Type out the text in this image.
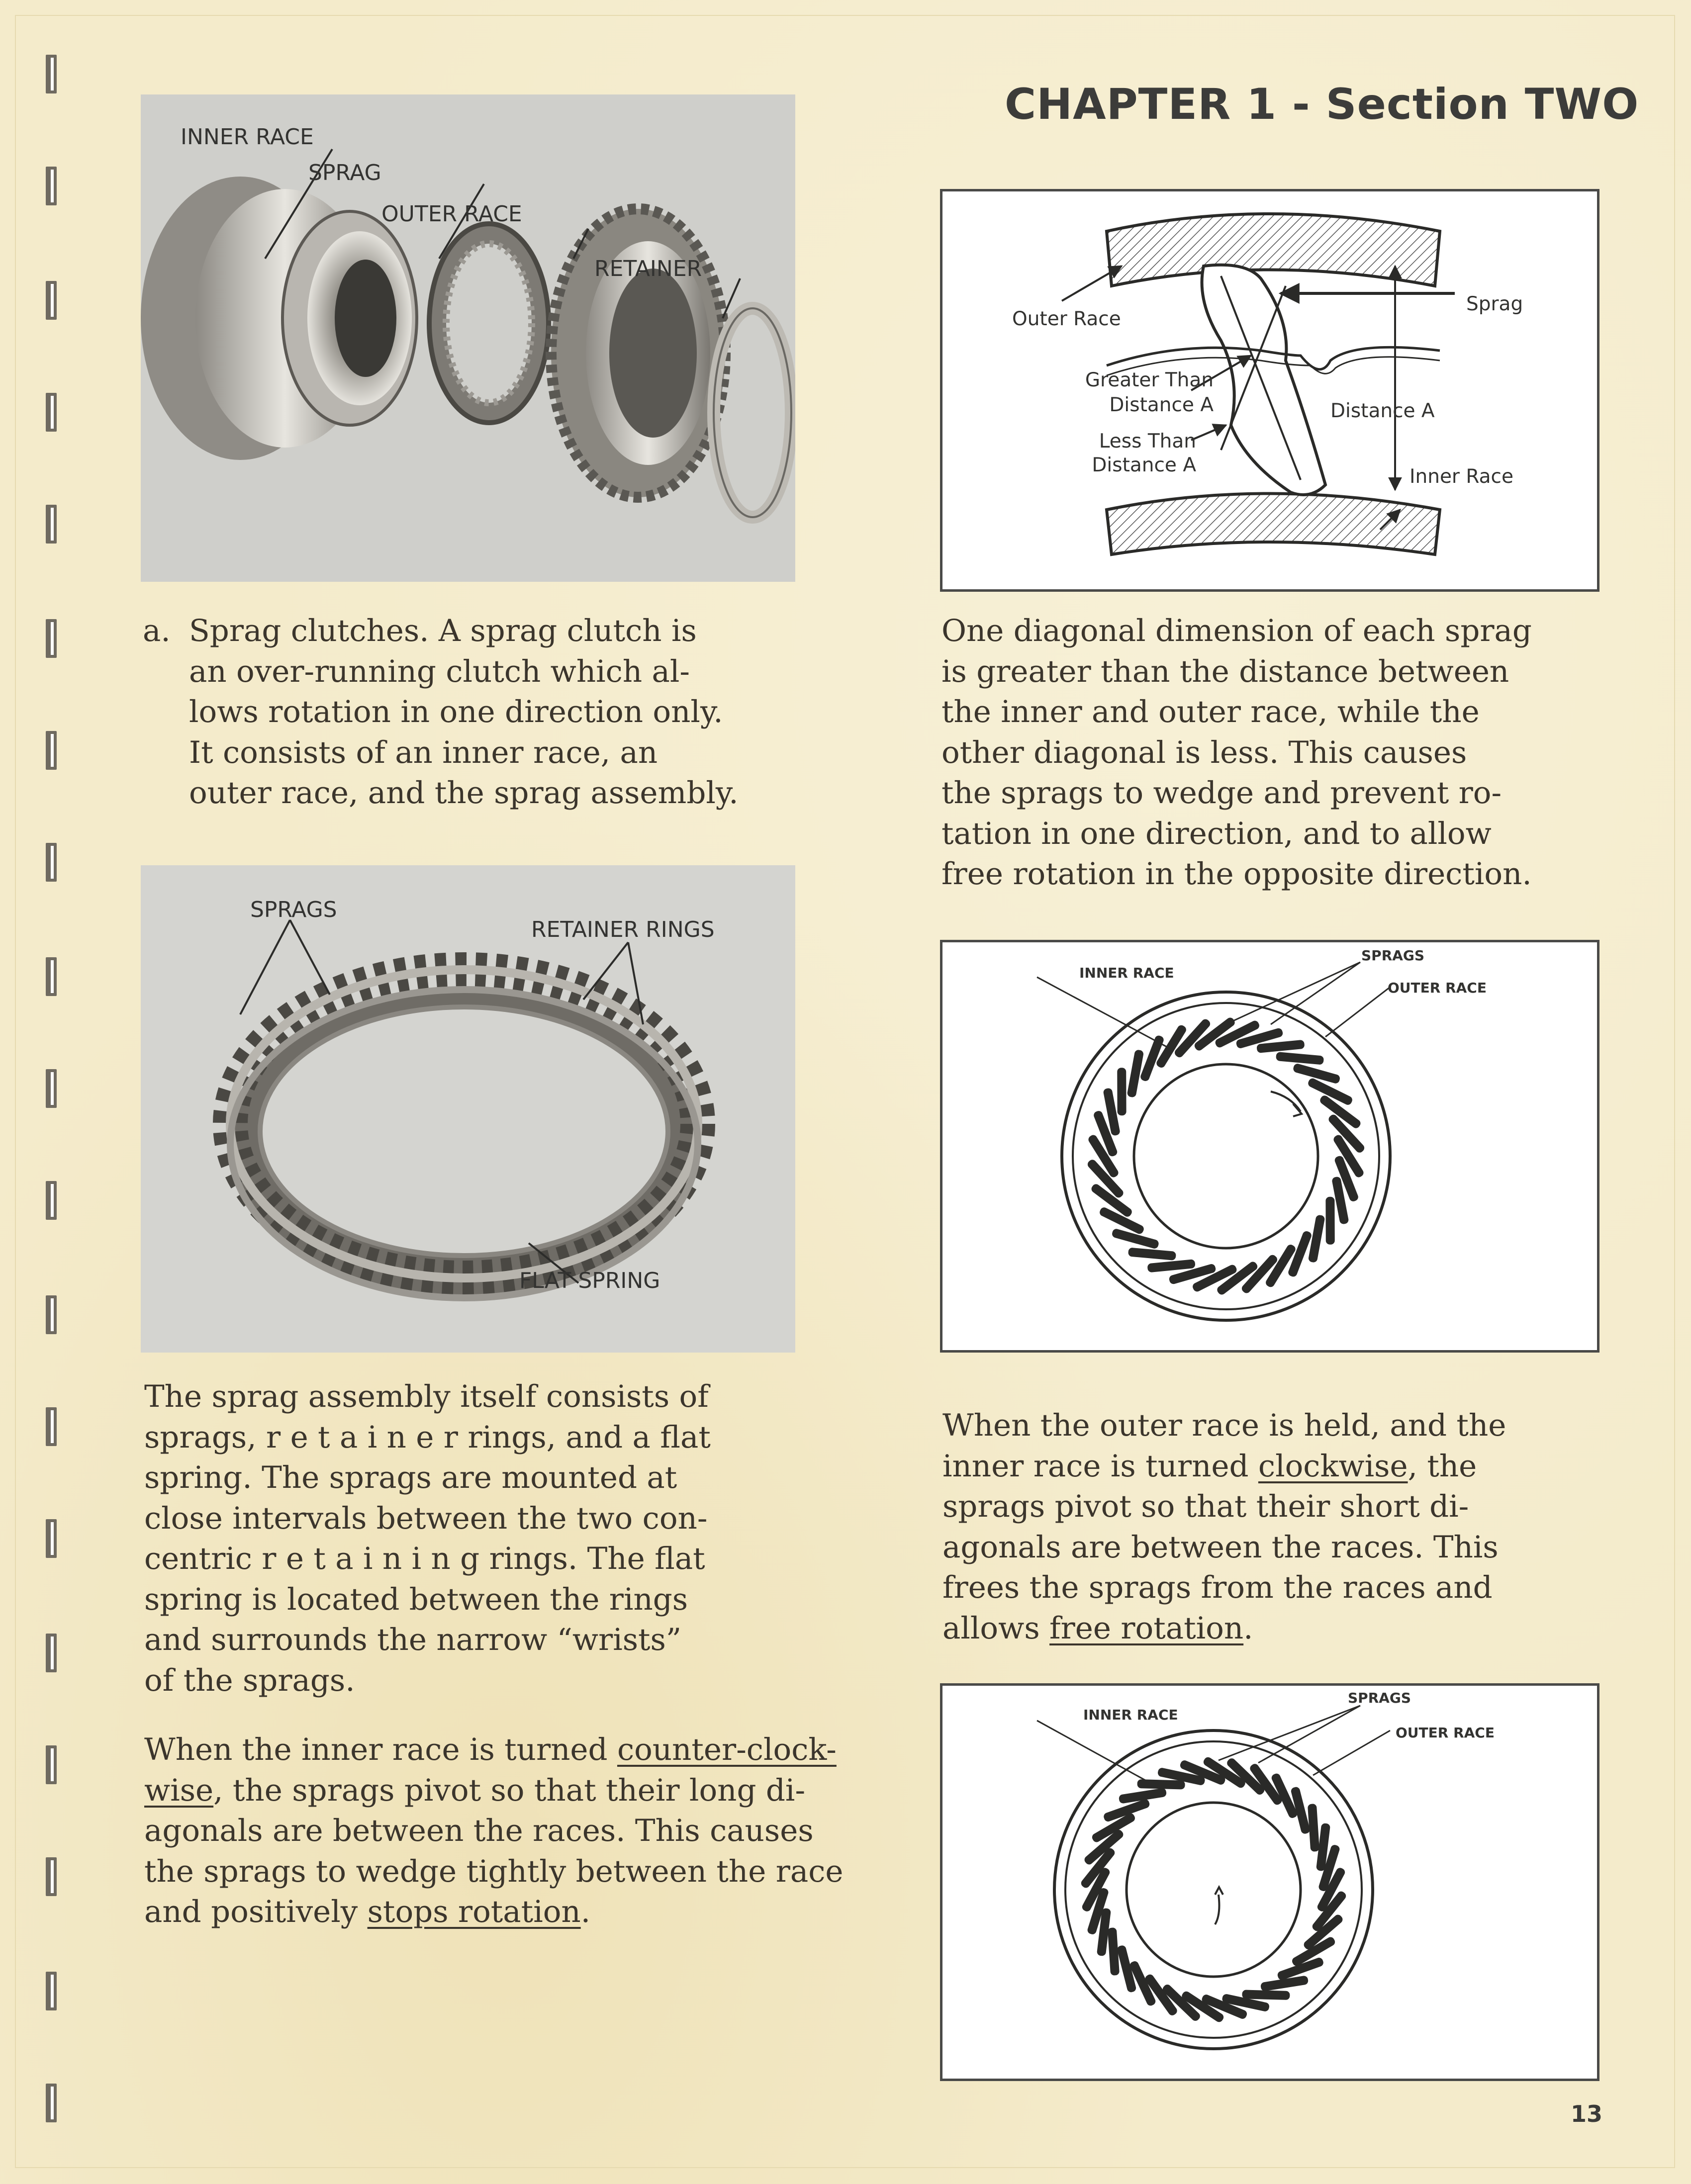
CHAPTER 1 - Section TWO
INNER RACE
SPRAG
OUTER RACE
RETAINER
Outer Race
Sprag
Greater Than
Distance A	Distance A
Less Than
Distance A
Inner Race
a. Sprag clutches. A sprag clutch is

an over-running clutch which al-

lows rotation in one direction only.

It consists of an inner race, an

outer race, and the sprag assembly.

One diagonal dimension of each sprag

is greater than the distance between

the inner and outer race, while the

other diagonal is less. This causes

the sprags to wedge and prevent ro-

tation in one direction, and to allow

free rotation in the opposite direction.

SPRAGS
RETAINER RINGS
FLAT SPRING
INNER RACE
SPRAGS
OUTER RACE

The sprag assembly itself consists of

sprags, r e t a i n e r rings, and a flat

spring. The sprags are mounted at

close intervals between the two con-

centric r e t a i n i n g rings. The flat

spring is located between the rings

and surrounds the narrow “wrists”

of the sprags.

When the outer race is held, and the

inner race is turned clockwise, the

sprags pivot so that their short di-

agonals are between the races. This

frees the sprags from the races and

allows free rotation.

INNER RACE
SPRAGS
OUTER RACE

When the inner race is turned counter-clock-

wise, the sprags pivot so that their long di-

agonals are between the races. This causes

the sprags to wedge tightly between the race

and positively stops rotation.

13
